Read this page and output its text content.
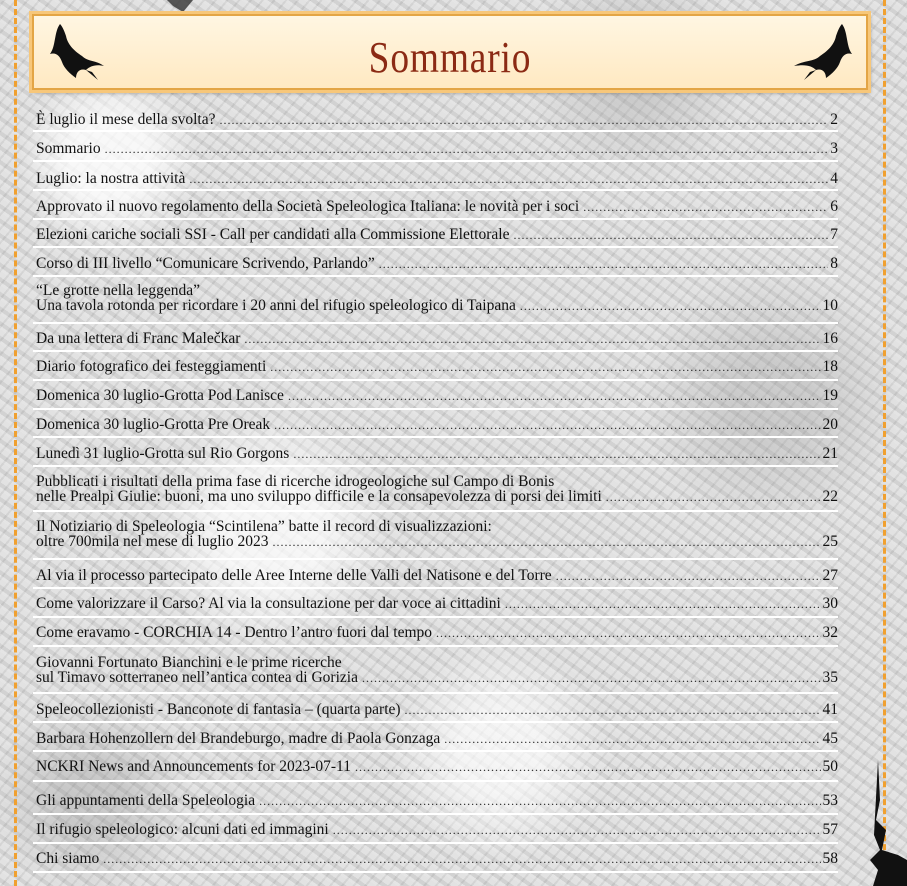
Sommario
È luglio il mese della svolta? .....	2
Sommario .....	3
Luglio: la nostra attività .....	4
Approvato il nuovo regolamento della Società Speleologica Italiana: le novità per i soci .....	6
Elezioni cariche sociali SSI - Call per candidati alla Commissione Elettorale .....	7
Corso di III livello “Comunicare Scrivendo, Parlando” .....	8
“Le grotte nella leggenda”
Una tavola rotonda per ricordare i 20 anni del rifugio speleologico di Taipana .....	10
Da una lettera di Franc Malečkar .....	16
Diario fotografico dei festeggiamenti .....	18
Domenica 30 luglio-Grotta Pod Lanisce .....	19
Domenica 30 luglio-Grotta Pre Oreak .....	20
Lunedì 31 luglio-Grotta sul Rio Gorgons .....	21
Pubblicati i risultati della prima fase di ricerche idrogeologiche sul Campo di Bonis
nelle Prealpi Giulie: buoni, ma uno sviluppo difficile e la consapevolezza di porsi dei limiti .....	22
Il Notiziario di Speleologia “Scintilena” batte il record di visualizzazioni:
oltre 700mila nel mese di luglio 2023 .....	25
Al via il processo partecipato delle Aree Interne delle Valli del Natisone e del Torre .....	27
Come valorizzare il Carso? Al via la consultazione per dar voce ai cittadini .....	30
Come eravamo - CORCHIA 14 - Dentro l’antro fuori dal tempo .....	32
Giovanni Fortunato Bianchini e le prime ricerche
sul Timavo sotterraneo nell’antica contea di Gorizia .....	35
Speleocollezionisti - Banconote di fantasia – (quarta parte) .....	41
Barbara Hohenzollern del Brandeburgo, madre di Paola Gonzaga .....	45
NCKRI News and Announcements for 2023-07-11 .....	50
Gli appuntamenti della Speleologia .....	53
Il rifugio speleologico: alcuni dati ed immagini .....	57
Chi siamo .....	58
